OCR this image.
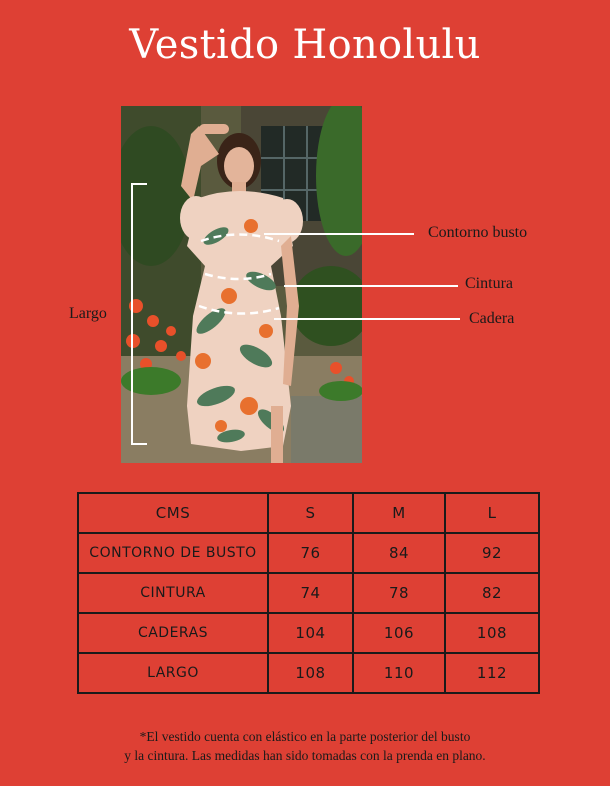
Vestido Honolulu
Contorno busto
Cintura
Cadera
Largo
CMS	S	M	L
CONTORNO DE BUSTO	76	84	92
CINTURA	74	78	82
CADERAS	104	106	108
LARGO	108	110	112
*El vestido cuenta con elástico en la parte posterior del busto
y la cintura. Las medidas han sido tomadas con la prenda en plano.
